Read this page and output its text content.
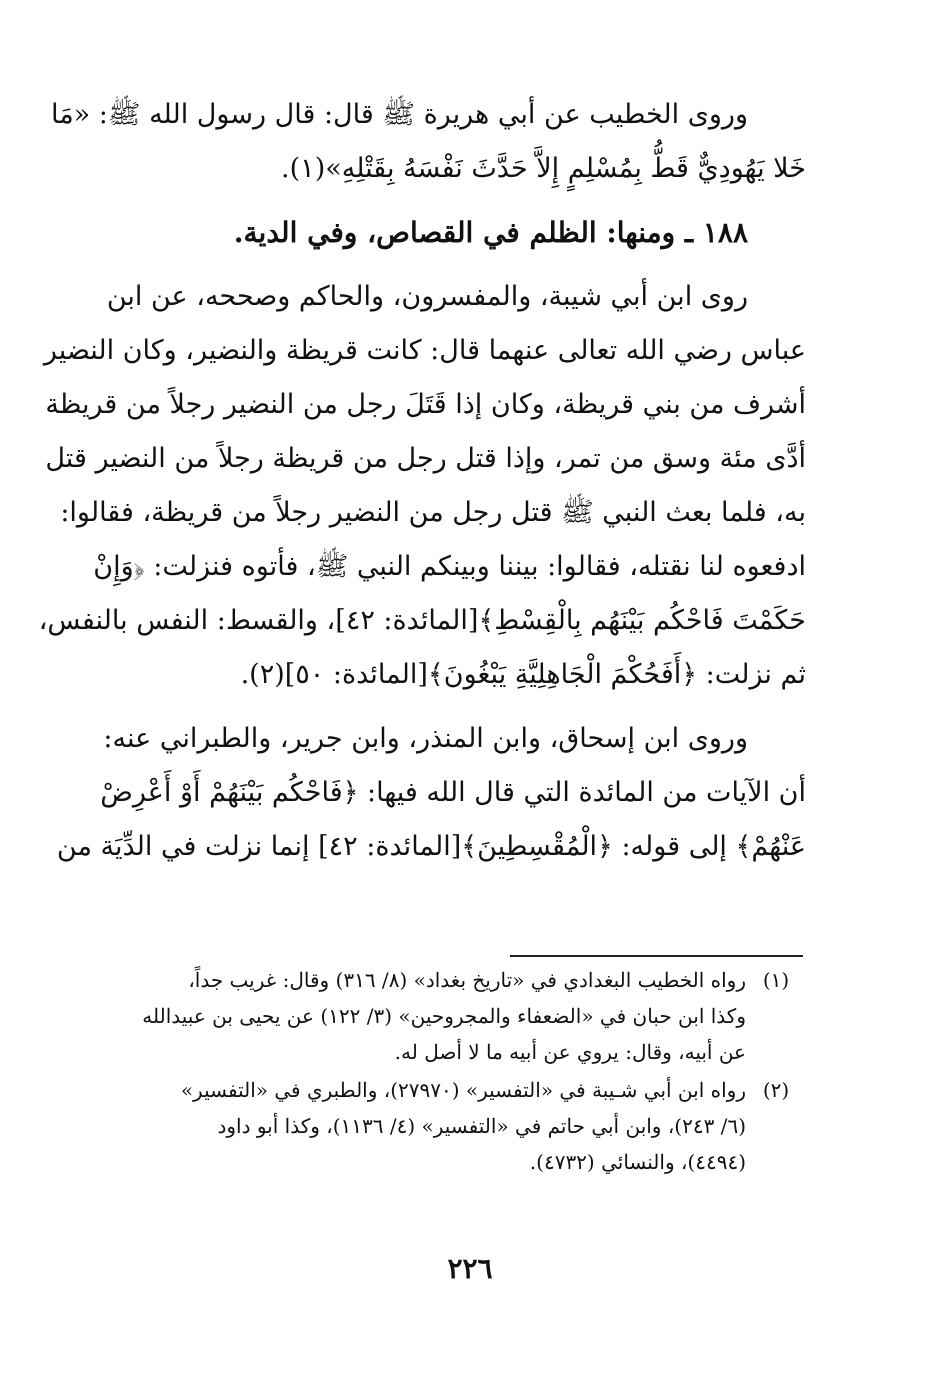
وروى الخطيب عن أبي هريرة ﷺ قال: قال رسول الله ﷺ: «مَا
خَلا يَهُودِيٌّ قَطُّ بِمُسْلِمٍ إِلاَّ حَدَّثَ نَفْسَهُ بِقَتْلِهِ»(١).
١٨٨ ـ ومنها: الظلم في القصاص، وفي الدية.
روى ابن أبي شيبة، والمفسرون، والحاكم وصححه، عن ابن
عباس رضي الله تعالى عنهما قال: كانت قريظة والنضير، وكان النضير
أشرف من بني قريظة، وكان إذا قَتَلَ رجل من النضير رجلاً من قريظة
أدَّى مئة وسق من تمر، وإذا قتل رجل من قريظة رجلاً من النضير قتل
به، فلما بعث النبي ﷺ قتل رجل من النضير رجلاً من قريظة، فقالوا:
ادفعوه لنا نقتله، فقالوا: بيننا وبينكم النبي ﷺ، فأتوه فنزلت: ﴿وَإِنْ
حَكَمْتَ فَاحْكُم بَيْنَهُم بِالْقِسْطِ﴾[المائدة: ٤٢]، والقسط: النفس بالنفس،
ثم نزلت: ﴿أَفَحُكْمَ الْجَاهِلِيَّةِ يَبْغُونَ﴾[المائدة: ٥٠](٢).
وروى ابن إسحاق، وابن المنذر، وابن جرير، والطبراني عنه:
أن الآيات من المائدة التي قال الله فيها: ﴿فَاحْكُم بَيْنَهُمْ أَوْ أَعْرِضْ
عَنْهُمْ﴾ إلى قوله: ﴿الْمُقْسِطِينَ﴾[المائدة: ٤٢] إنما نزلت في الدِّيَة من
(١)
رواه الخطيب البغدادي في «تاريخ بغداد» (٨/ ٣١٦) وقال: غريب جداً،
وكذا ابن حبان في «الضعفاء والمجروحين» (٣/ ١٢٢) عن يحيى بن عبيدالله
عن أبيه، وقال: يروي عن أبيه ما لا أصل له.
(٢)
رواه ابن أبي شـيبة في «التفسير» (٢٧٩٧٠)، والطبري في «التفسير»
(٦/ ٢٤٣)، وابن أبي حاتم في «التفسير» (٤/ ١١٣٦)، وكذا أبو داود
(٤٤٩٤)، والنسائي (٤٧٣٢).
٢٢٦
